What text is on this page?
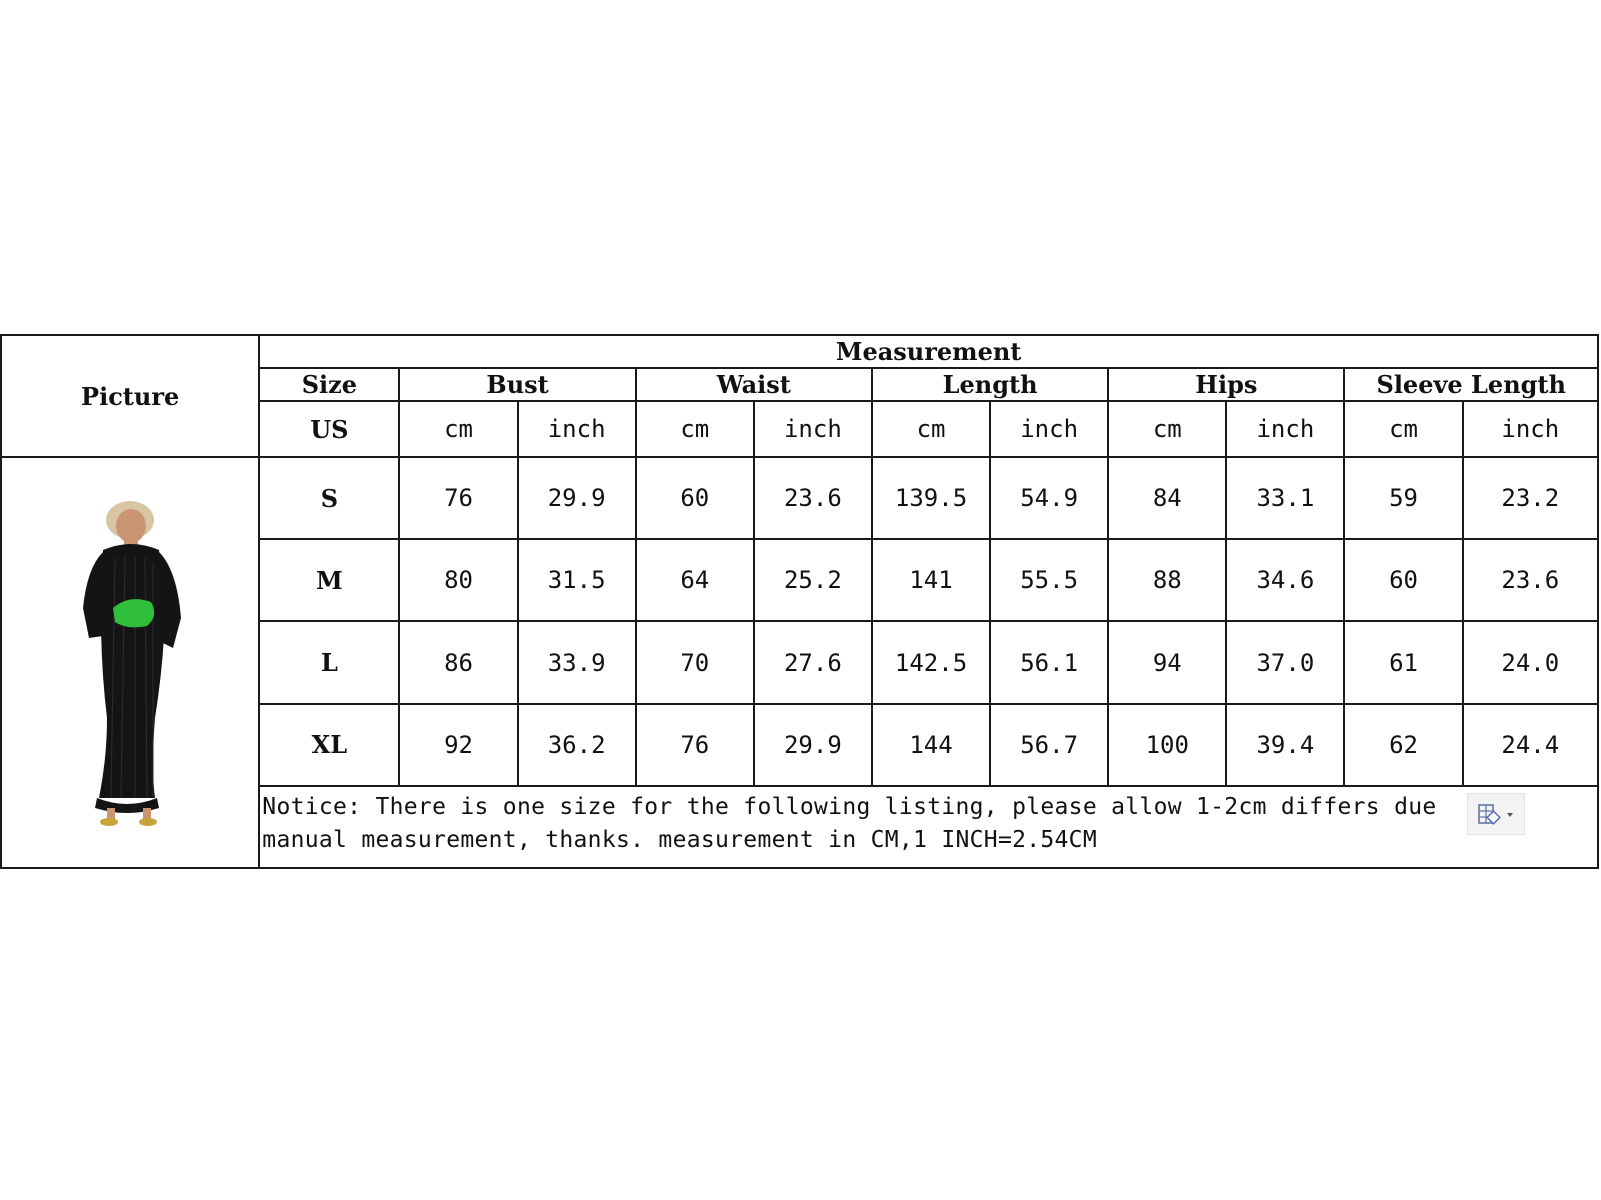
Picture	Measurement										
	Size	Bust		Waist		Length		Hips		Sleeve Length	
	US	cm	inch	cm	inch	cm	inch	cm	inch	cm	inch

	S	76	29.9	60	23.6	139.5	54.9	84	33.1	59	23.2
	M	80	31.5	64	25.2	141	55.5	88	34.6	60	23.6
	L	86	33.9	70	27.6	142.5	56.1	94	37.0	61	24.0
	XL	92	36.2	76	29.9	144	56.7	100	39.4	62	24.4

	Notice: There is one size for the following listing, please allow 1-2cm differs due manual measurement, thanks. measurement in CM,1 INCH=2.54CM										
